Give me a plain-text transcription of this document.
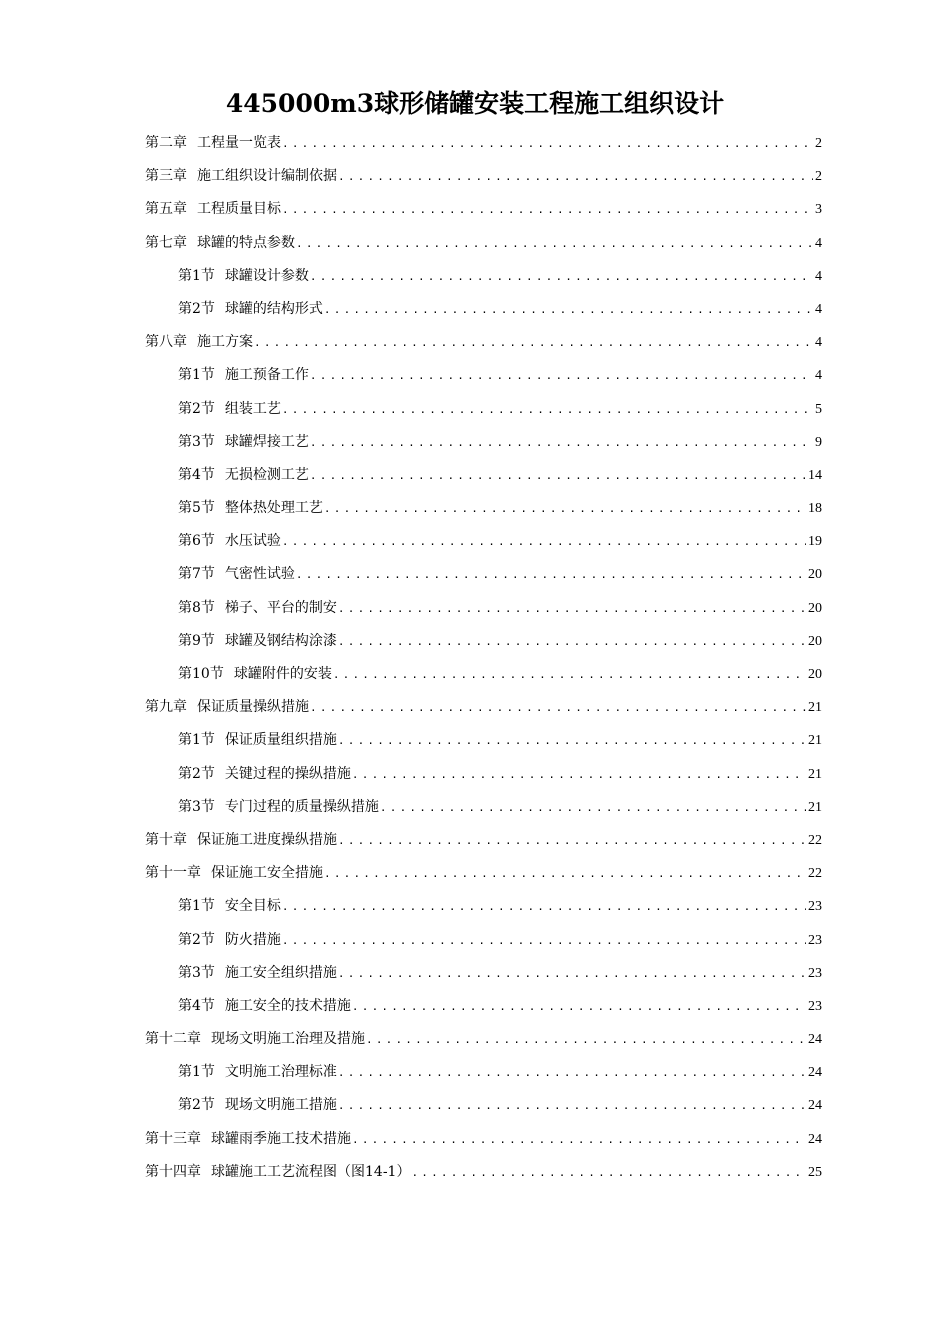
445000m3球形储罐安装工程施工组织设计
第二章 工程量一览表 .....	2
第三章 施工组织设计编制依据 .....	2
第五章 工程质量目标 .....	3
第七章 球罐的特点参数 .....	4
第1节 球罐设计参数 .....	4
第2节 球罐的结构形式 .....	4
第八章 施工方案 .....	4
第1节 施工预备工作 .....	4
第2节 组装工艺 .....	5
第3节 球罐焊接工艺 .....	9
第4节 无损检测工艺 .....	14
第5节 整体热处理工艺 .....	18
第6节 水压试验 .....	19
第7节 气密性试验 .....	20
第8节 梯子、平台的制安 .....	20
第9节 球罐及钢结构涂漆 .....	20
第10节 球罐附件的安装 .....	20
第九章 保证质量操纵措施 .....	21
第1节 保证质量组织措施 .....	21
第2节 关键过程的操纵措施 .....	21
第3节 专门过程的质量操纵措施 .....	21
第十章 保证施工进度操纵措施 .....	22
第十一章 保证施工安全措施 .....	22
第1节 安全目标 .....	23
第2节 防火措施 .....	23
第3节 施工安全组织措施 .....	23
第4节 施工安全的技术措施 .....	23
第十二章 现场文明施工治理及措施 .....	24
第1节 文明施工治理标准 .....	24
第2节 现场文明施工措施 .....	24
第十三章 球罐雨季施工技术措施 .....	24
第十四章 球罐施工工艺流程图（图14-1） .....	25
